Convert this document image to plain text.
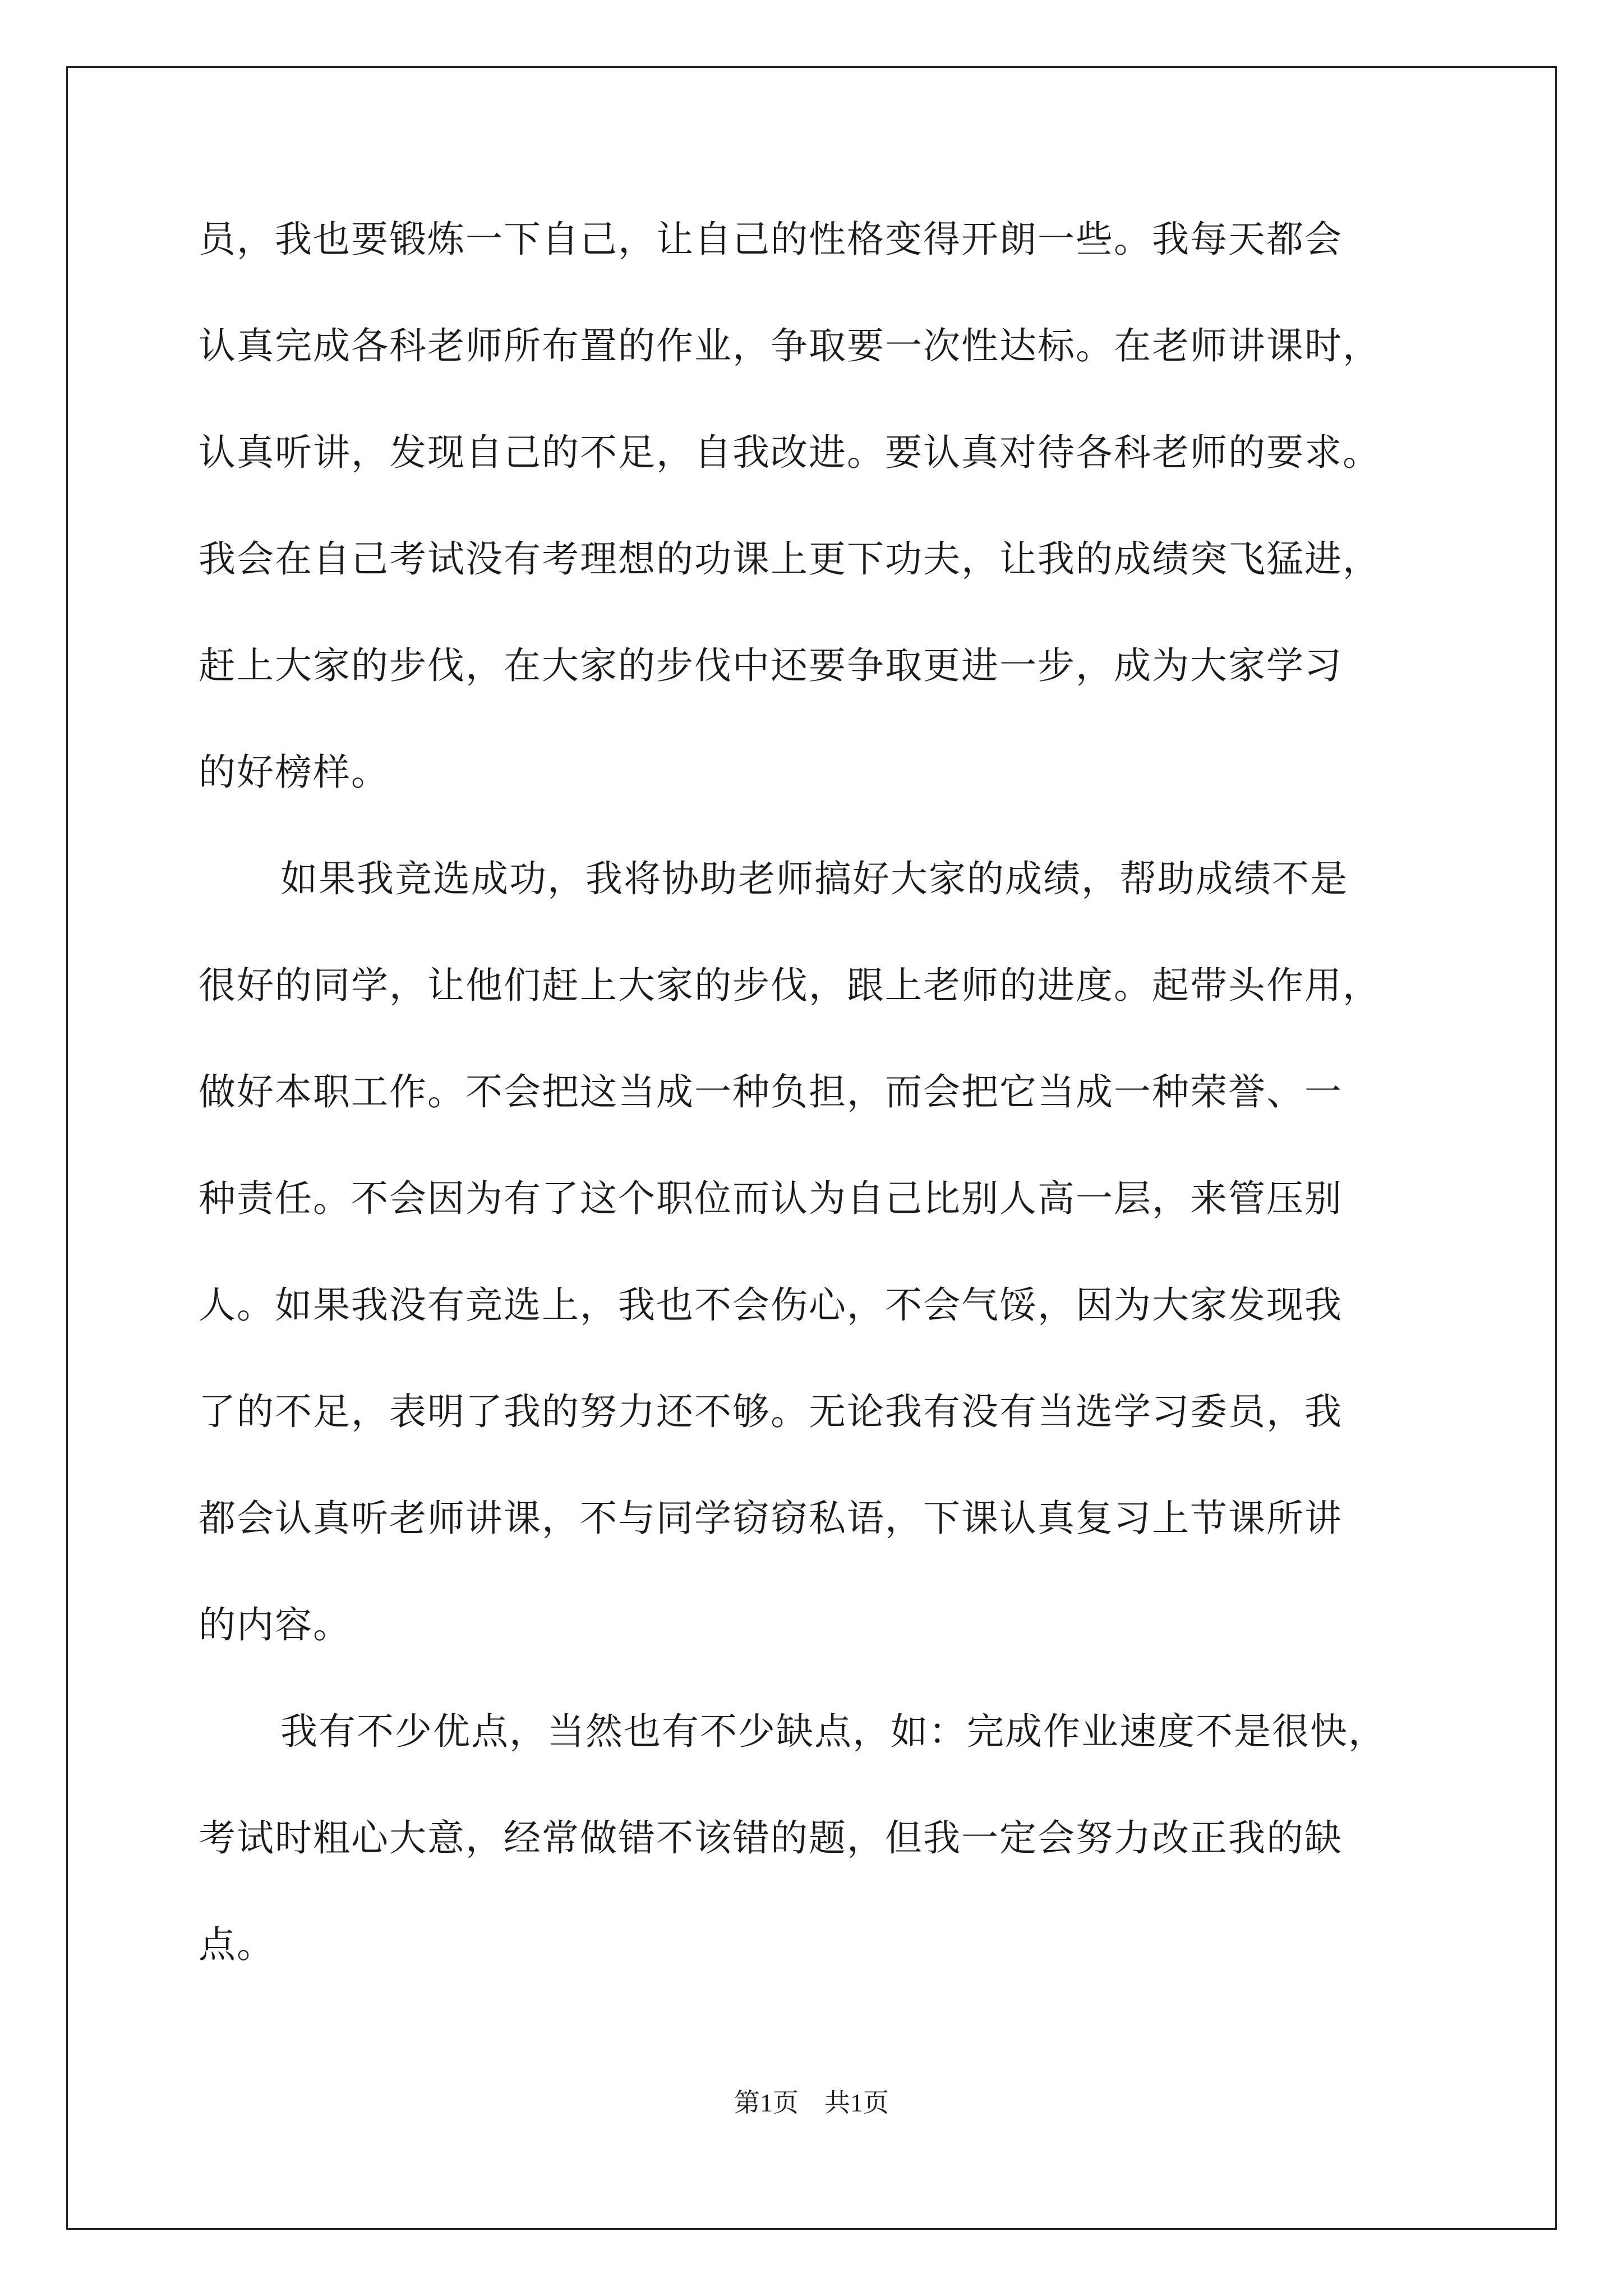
员，我也要锻炼一下自己，让自己的性格变得开朗一些。我每天都会
认真完成各科老师所布置的作业，争取要一次性达标。在老师讲课时，
认真听讲，发现自己的不足，自我改进。要认真对待各科老师的要求。
我会在自己考试没有考理想的功课上更下功夫，让我的成绩突飞猛进，
赶上大家的步伐，在大家的步伐中还要争取更进一步，成为大家学习
的好榜样。
如果我竞选成功，我将协助老师搞好大家的成绩，帮助成绩不是
很好的同学，让他们赶上大家的步伐，跟上老师的进度。起带头作用，
做好本职工作。不会把这当成一种负担，而会把它当成一种荣誉、一
种责任。不会因为有了这个职位而认为自己比别人高一层，来管压别
人。如果我没有竞选上，我也不会伤心，不会气馁，因为大家发现我
了的不足，表明了我的努力还不够。无论我有没有当选学习委员，我
都会认真听老师讲课，不与同学窃窃私语，下课认真复习上节课所讲
的内容。
我有不少优点，当然也有不少缺点，如：完成作业速度不是很快，
考试时粗心大意，经常做错不该错的题，但我一定会努力改正我的缺
点。
第1页　共1页
